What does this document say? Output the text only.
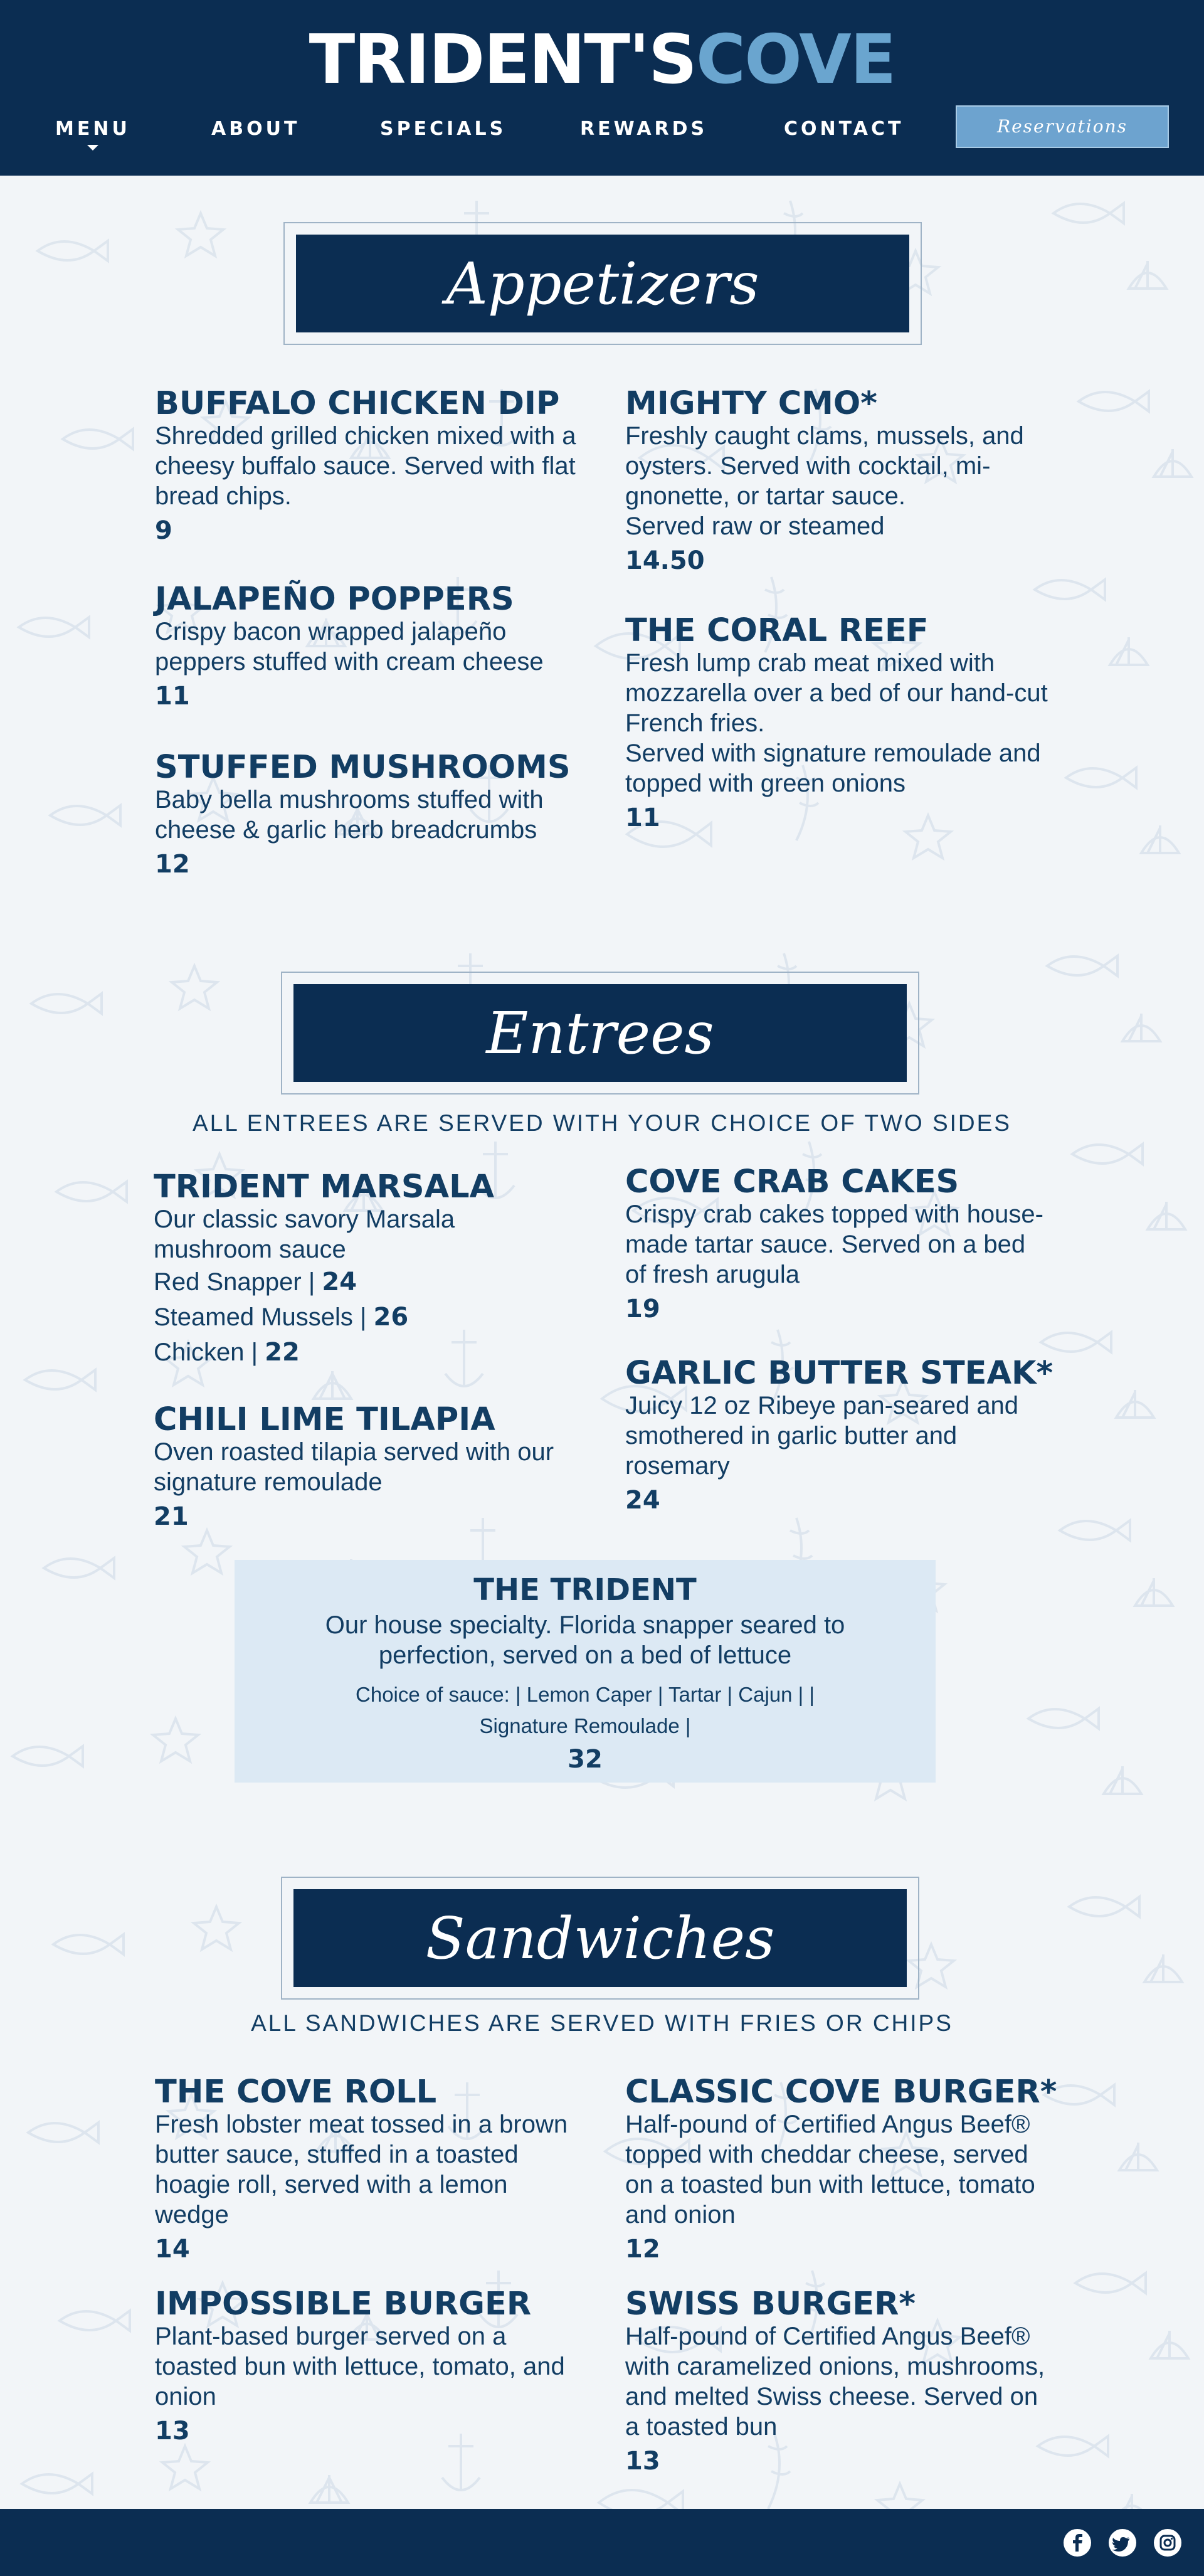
TRIDENT'SCOVE
MENU	ABOUT	SPECIALS	REWARDS	CONTACT	Reservations
Appetizers
BUFFALO CHICKEN DIP
Shredded grilled chicken mixed with a cheesy buffalo sauce. Served with flat bread chips.
9
JALAPEÑO POPPERS
Crispy bacon wrapped jalapeño peppers stuffed with cream cheese
11
STUFFED MUSHROOMS
Baby bella mushrooms stuffed with cheese & garlic herb breadcrumbs
12
MIGHTY CMO*
Freshly caught clams, mussels, and oysters. Served with cocktail, mi-gnonette, or tartar sauce.
Served raw or steamed
14.50
THE CORAL REEF
Fresh lump crab meat mixed with mozzarella over a bed of our hand-cut French fries.
Served with signature remoulade and topped with green onions
11
Entrees
ALL ENTREES ARE SERVED WITH YOUR CHOICE OF TWO SIDES
TRIDENT MARSALA
Our classic savory Marsala mushroom sauce
Red Snapper | 24
Steamed Mussels | 26
Chicken | 22
CHILI LIME TILAPIA
Oven roasted tilapia served with our signature remoulade
21
COVE CRAB CAKES
Crispy crab cakes topped with house-made tartar sauce. Served on a bed of fresh arugula
19
GARLIC BUTTER STEAK*
Juicy 12 oz Ribeye pan-seared and smothered in garlic butter and rosemary
24
THE TRIDENT
Our house specialty. Florida snapper seared to perfection, served on a bed of lettuce
Choice of sauce: | Lemon Caper | Tartar | Cajun | | Signature Remoulade |
32
Sandwiches
ALL SANDWICHES ARE SERVED WITH FRIES OR CHIPS
THE COVE ROLL
Fresh lobster meat tossed in a brown butter sauce, stuffed in a toasted hoagie roll, served with a lemon wedge
14
IMPOSSIBLE BURGER
Plant-based burger served on a toasted bun with lettuce, tomato, and onion
13
CLASSIC COVE BURGER*
Half-pound of Certified Angus Beef® topped with cheddar cheese, served on a toasted bun with lettuce, tomato and onion
12
SWISS BURGER*
Half-pound of Certified Angus Beef® with caramelized onions, mushrooms, and melted Swiss cheese. Served on a toasted bun
13
